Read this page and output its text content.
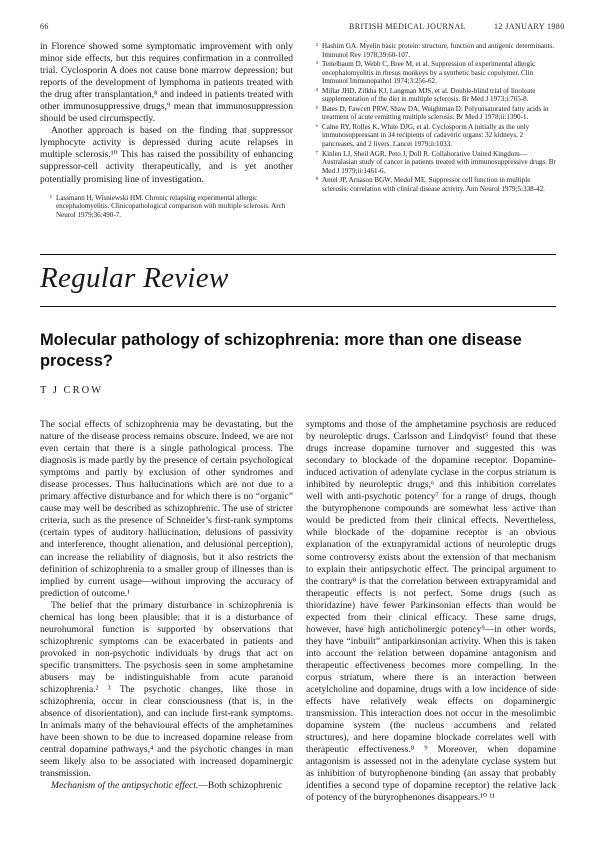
66	BRITISH MEDICAL JOURNAL	12 JANUARY 1980

in Florence showed some symptomatic improvement with only minor side effects, but this requires confirmation in a controlled trial. Cyclosporin A does not cause bone marrow depression; but reports of the development of lymphoma in patients treated with the drug after transplantation,⁸ and indeed in patients treated with other immunosuppressive drugs,⁹ mean that immunosuppression should be used circumspectly.

Another approach is based on the finding that suppressor lymphocyte activity is depressed during acute relapses in multiple sclerosis.¹⁰ This has raised the possibility of enhancing suppressor-cell activity therapeutically, and is yet another potentially promising line of investigation.

¹ Lassmann H, Wisniewski HM. Chronic relapsing experimental allergic encephalomyelitis. Clinicopathological comparison with multiple sclerosis. Arch Neurol 1979;36:490-7.
² Hashim GA. Myelin basic protein: structure, function and antigenic determinants. Immunol Rev 1978;39:60-107.
³ Teitelbaum D, Webb C, Bree M, et al. Suppression of experimental allergic encephalomyelitis in rhesus monkeys by a synthetic basic copolymer. Clin Immunol Immunopathol 1974;3:256-62.
⁴ Millar JHD, Zilkha KJ, Langman MJS, et al. Double-blind trial of linoleate supplementation of the diet in multiple sclerosis. Br Med J 1973;i:765-8.
⁵ Bates D, Fawcett PRW, Shaw DA, Weightman D. Polyunsaturated fatty acids in treatment of acute remitting multiple sclerosis. Br Med J 1978;ii:1390-1.
⁶ Calne RY, Rolles K, White DJG, et al. Cyclosporin A initially as the only immunosuppressant in 34 recipients of cadaveric organs: 32 kidneys, 2 pancreases, and 2 livers. Lancet 1979;ii:1033.
⁷ Kinlen LJ, Sheil AGR, Peto J, Doll R. Collaborative United Kingdom—Australasian study of cancer in patients treated with immunosuppressive drugs. Br Med J 1979;ii:1461-6.
⁸ Antel JP, Arnason BGW, Medof ME. Suppressor cell function in multiple sclerosis: correlation with clinical disease activity. Ann Neurol 1979;5:338-42.
Regular Review
Molecular pathology of schizophrenia: more than one disease process?
T J CROW

The social effects of schizophrenia may be devastating, but the nature of the disease process remains obscure. Indeed, we are not even certain that there is a single pathological process. The diagnosis is made partly by the presence of certain psychological symptoms and partly by exclusion of other syndromes and disease processes. Thus hallucinations which are not due to a primary affective disturbance and for which there is no “organic” cause may well be described as schizophrenic. The use of stricter criteria, such as the presence of Schneider’s first-rank symptoms (certain types of auditory hallucination, delusions of passivity and interference, thought alienation, and delusional perception), can increase the reliability of diagnosis, but it also restricts the definition of schizophrenia to a smaller group of illnesses than is implied by current usage—without improving the accuracy of prediction of outcome.¹

The belief that the primary disturbance in schizophrenia is chemical has long been plausible; that it is a disturbance of neurohumoral function is supported by observations that schizophrenic symptoms can be exacerbated in patients and provoked in non-psychotic individuals by drugs that act on specific transmitters. The psychosis seen in some amphetamine abusers may be indistinguishable from acute paranoid schizophrenia.² ³ The psychotic changes, like those in schizophrenia, occur in clear consciousness (that is, in the absence of disorientation), and can include first-rank symptoms. In animals many of the behavioural effects of the amphetamines have been shown to be due to increased dopamine release from central dopamine pathways,⁴ and the psychotic changes in man seem likely also to be associated with increased dopaminergic transmission.

Mechanism of the antipsychotic effect.—Both schizophrenic

symptoms and those of the amphetamine psychosis are reduced by neuroleptic drugs. Carlsson and Lindqvist⁵ found that these drugs increase dopamine turnover and suggested this was secondary to blockade of the dopamine receptor. Dopamine-induced activation of adenylate cyclase in the corpus striatum is inhibited by neuroleptic drugs,⁶ and this inhibition correlates well with anti-psychotic potency⁷ for a range of drugs, though the butyrophenone compounds are somewhat less active than would be predicted from their clinical effects. Nevertheless, while blockade of the dopamine receptor is an obvious explanation of the extrapyramidal actions of neuroleptic drugs some controversy exists about the extension of that mechanism to explain their antipsychotic effect. The principal argument to the contrary⁸ is that the correlation between extrapyramidal and therapeutic effects is not perfect. Some drugs (such as thioridazine) have fewer Parkinsonian effects than would be expected from their clinical efficacy. These same drugs, however, have high anticholinergic potency⁹—in other words, they have “inbuilt” antiparkinsonian activity. When this is taken into account the relation between dopamine antagonism and therapeutic effectiveness becomes more compelling. In the corpus striatum, where there is an interaction between acetylcholine and dopamine, drugs with a low incidence of side effects have relatively weak effects on dopaminergic transmission. This interaction does not occur in the mesolimbic dopamine system (the nucleus accumbens and related structures), and here dopamine blockade correlates well with therapeutic effectiveness.⁸ ⁹ Moreover, when dopamine antagonism is assessed not in the adenylate cyclase system but as inhibition of butyrophenone binding (an assay that probably identifies a second type of dopamine receptor) the relative lack of potency of the butyrophenones disappears.¹⁰ ¹¹
